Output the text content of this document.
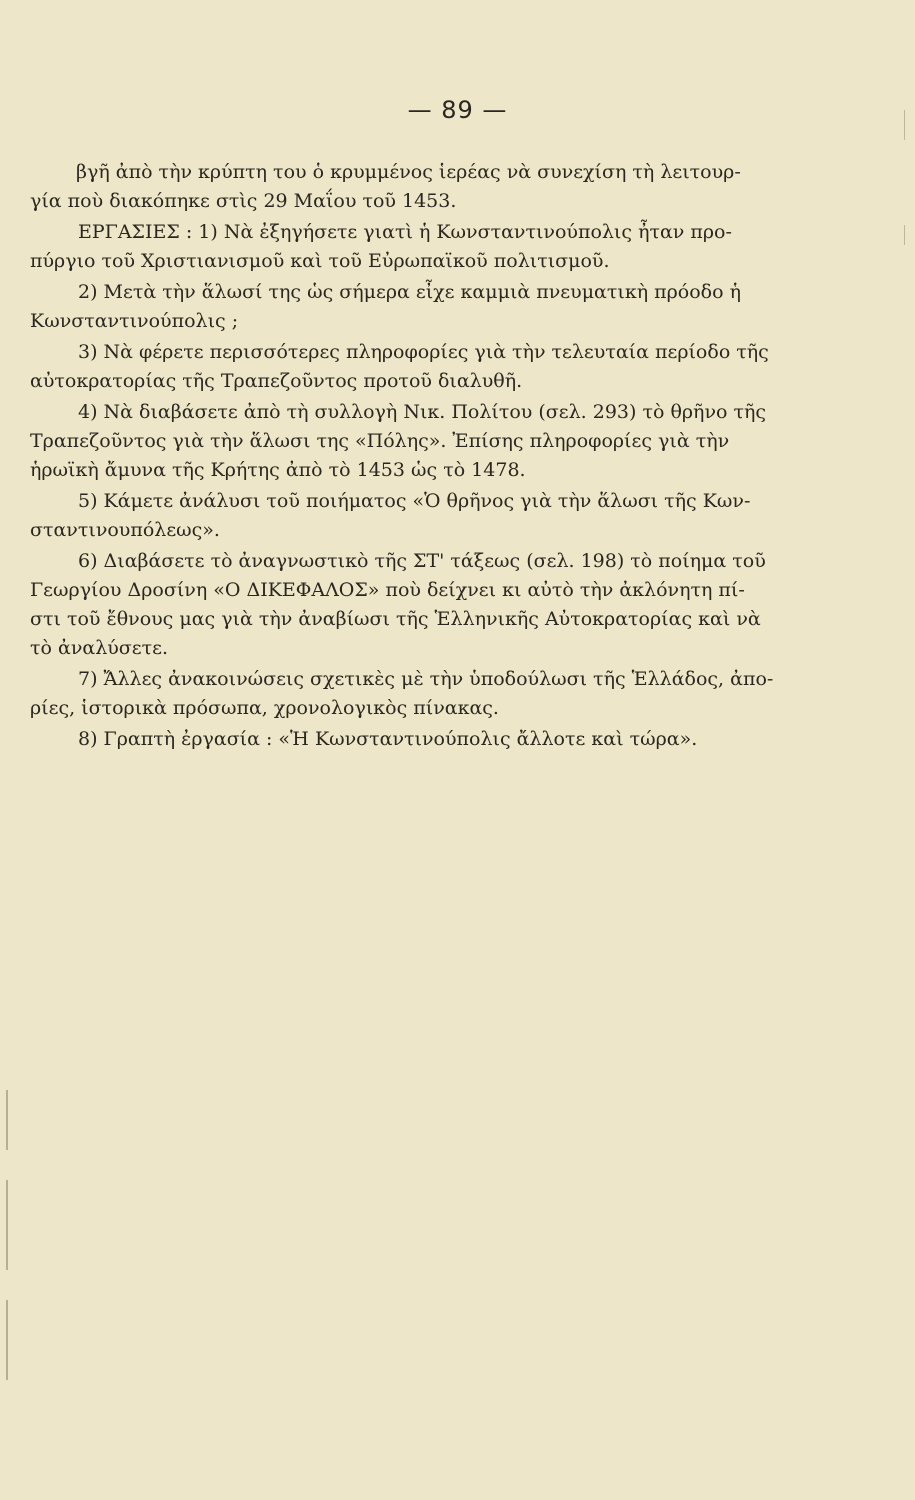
— 89 —

βγῆ ἀπὸ τὴν κρύπτη του ὁ κρυμμένος ἱερέας νὰ συνεχίση τὴ λειτουρ-
γία ποὺ διακόπηκε στὶς 29 Μαΐου τοῦ 1453.

ΕΡΓΑΣΙΕΣ : 1) Νὰ ἐξηγήσετε γιατὶ ἡ Κωνσταντινούπολις ἦταν προ-
πύργιο τοῦ Χριστιανισμοῦ καὶ τοῦ Εὐρωπαϊκοῦ πολιτισμοῦ.

2) Μετὰ τὴν ἅλωσί της ὡς σήμερα εἶχε καμμιὰ πνευματικὴ πρόοδο ἡ
Κωνσταντινούπολις ;

3) Νὰ φέρετε περισσότερες πληροφορίες γιὰ τὴν τελευταία περίοδο τῆς
αὐτοκρατορίας τῆς Τραπεζοῦντος προτοῦ διαλυθῆ.

4) Νὰ διαβάσετε ἀπὸ τὴ συλλογὴ Νικ. Πολίτου (σελ. 293) τὸ θρῆνο τῆς
Τραπεζοῦντος γιὰ τὴν ἅλωσι της «Πόλης». Ἐπίσης πληροφορίες γιὰ τὴν
ἡρωϊκὴ ἄμυνα τῆς Κρήτης ἀπὸ τὸ 1453 ὡς τὸ 1478.

5) Κάμετε ἀνάλυσι τοῦ ποιήματος «Ὁ θρῆνος γιὰ τὴν ἅλωσι τῆς Κων-
σταντινουπόλεως».

6) Διαβάσετε τὸ ἀναγνωστικὸ τῆς ΣΤ' τάξεως (σελ. 198) τὸ ποίημα τοῦ
Γεωργίου Δροσίνη «Ο ΔΙΚΕΦΑΛΟΣ» ποὺ δείχνει κι αὐτὸ τὴν ἀκλόνητη πί-
στι τοῦ ἔθνους μας γιὰ τὴν ἀναβίωσι τῆς Ἑλληνικῆς Αὐτοκρατορίας καὶ νὰ
τὸ ἀναλύσετε.

7) Ἄλλες ἀνακοινώσεις σχετικὲς μὲ τὴν ὑποδούλωσι τῆς Ἑλλάδος, ἀπο-
ρίες, ἱστορικὰ πρόσωπα, χρονολογικὸς πίνακας.

8) Γραπτὴ ἐργασία : «Ἡ Κωνσταντινούπολις ἄλλοτε καὶ τώρα».
